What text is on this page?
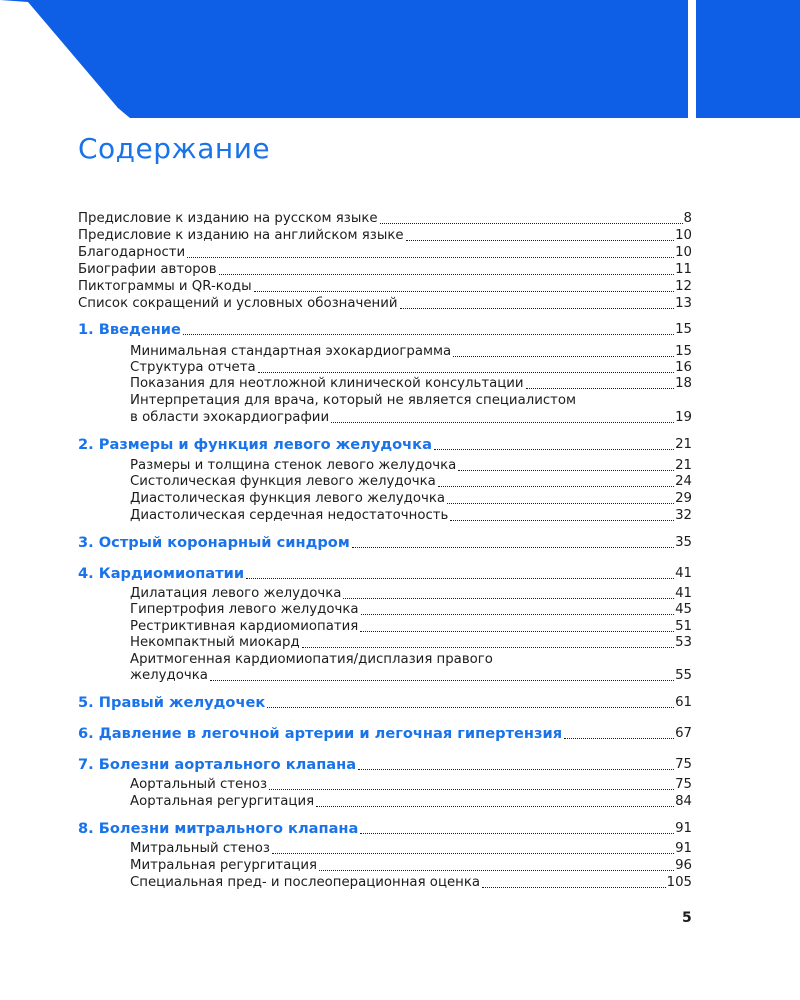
Содержание
Предисловие к изданию на русском языке	8
Предисловие к изданию на английском языке	10
Благодарности	10
Биографии авторов	11
Пиктограммы и QR-коды	12
Список сокращений и условных обозначений	13
1. Введение	15
Минимальная стандартная эхокардиограмма	15
Структура отчета	16
Показания для неотложной клинической консультации	18
Интерпретация для врача, который не является специалистом
в области эхокардиографии	19
2. Размеры и функция левого желудочка	21
Размеры и толщина стенок левого желудочка	21
Систолическая функция левого желудочка	24
Диастолическая функция левого желудочка	29
Диастолическая сердечная недостаточность	32
3. Острый коронарный синдром	35
4. Кардиомиопатии	41
Дилатация левого желудочка	41
Гипертрофия левого желудочка	45
Рестриктивная кардиомиопатия	51
Некомпактный миокард	53
Аритмогенная кардиомиопатия/дисплазия правого
желудочка	55
5. Правый желудочек	61
6. Давление в легочной артерии и легочная гипертензия	67
7. Болезни аортального клапана	75
Аортальный стеноз	75
Аортальная регургитация	84
8. Болезни митрального клапана	91
Митральный стеноз	91
Митральная регургитация	96
Специальная пред- и послеоперационная оценка	105
5
